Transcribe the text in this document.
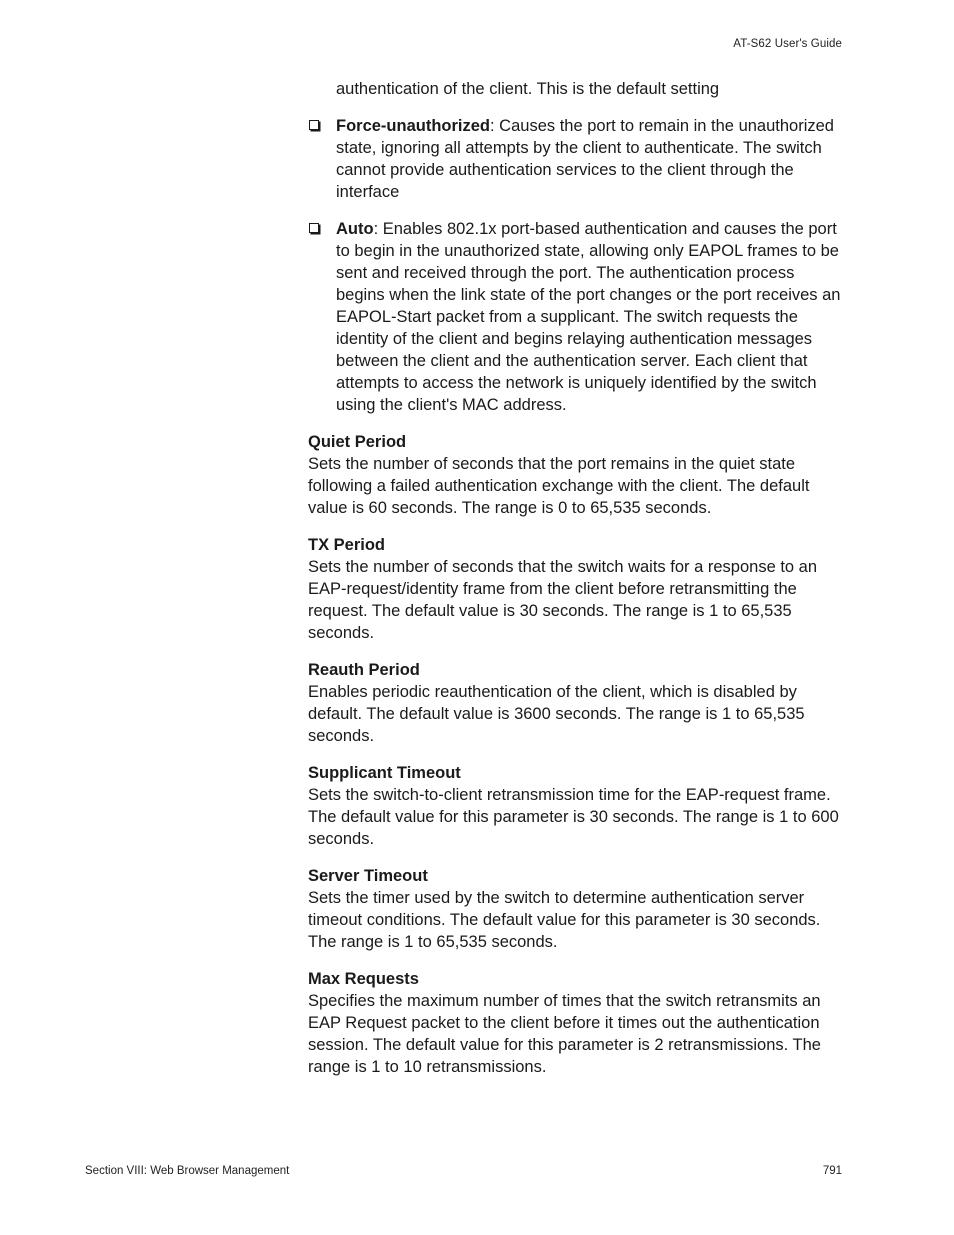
AT-S62 User's Guide

authentication of the client. This is the default setting

Force-unauthorized: Causes the port to remain in the unauthorized state, ignoring all attempts by the client to authenticate. The switch cannot provide authentication services to the client through the interface
Auto: Enables 802.1x port-based authentication and causes the port to begin in the unauthorized state, allowing only EAPOL frames to be sent and received through the port. The authentication process begins when the link state of the port changes or the port receives an EAPOL-Start packet from a supplicant. The switch requests the identity of the client and begins relaying authentication messages between the client and the authentication server. Each client that attempts to access the network is uniquely identified by the switch using the client's MAC address.
Quiet Period
Sets the number of seconds that the port remains in the quiet state following a failed authentication exchange with the client. The default value is 60 seconds. The range is 0 to 65,535 seconds.
TX Period
Sets the number of seconds that the switch waits for a response to an EAP-request/identity frame from the client before retransmitting the request. The default value is 30 seconds. The range is 1 to 65,535 seconds.
Reauth Period
Enables periodic reauthentication of the client, which is disabled by default. The default value is 3600 seconds. The range is 1 to 65,535 seconds.
Supplicant Timeout
Sets the switch-to-client retransmission time for the EAP-request frame. The default value for this parameter is 30 seconds. The range is 1 to 600 seconds.
Server Timeout
Sets the timer used by the switch to determine authentication server timeout conditions. The default value for this parameter is 30 seconds. The range is 1 to 65,535 seconds.
Max Requests
Specifies the maximum number of times that the switch retransmits an EAP Request packet to the client before it times out the authentication session. The default value for this parameter is 2 retransmissions. The range is 1 to 10 retransmissions.
Section VIII: Web Browser Management	791
